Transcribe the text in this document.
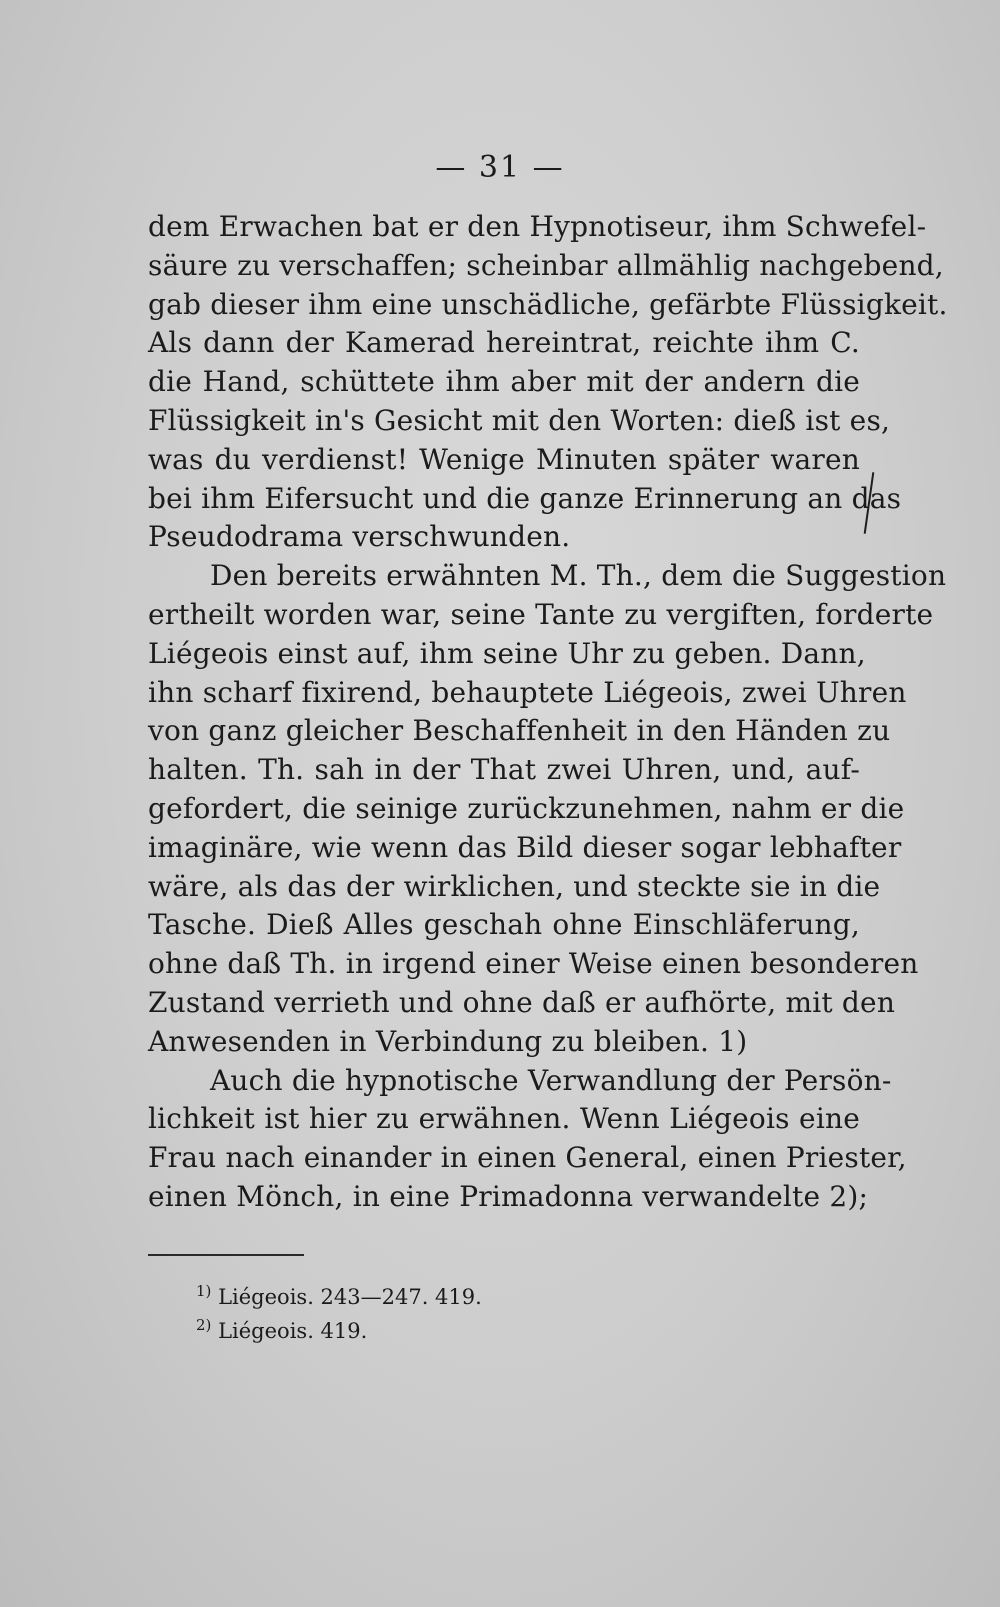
— 31 —
dem Erwachen bat er den Hypnotiseur, ihm Schwefel-
säure zu verschaffen; scheinbar allmählig nachgebend,
gab dieser ihm eine unschädliche, gefärbte Flüssigkeit.
Als dann der Kamerad hereintrat, reichte ihm C.
die Hand, schüttete ihm aber mit der andern die
Flüssigkeit in's Gesicht mit den Worten: dieß ist es,
was du verdienst! Wenige Minuten später waren
bei ihm Eifersucht und die ganze Erinnerung an das
Pseudodrama verschwunden.
Den bereits erwähnten M. Th., dem die Suggestion
ertheilt worden war, seine Tante zu vergiften, forderte
Liégeois einst auf, ihm seine Uhr zu geben. Dann,
ihn scharf fixirend, behauptete Liégeois, zwei Uhren
von ganz gleicher Beschaffenheit in den Händen zu
halten. Th. sah in der That zwei Uhren, und, auf-
gefordert, die seinige zurückzunehmen, nahm er die
imaginäre, wie wenn das Bild dieser sogar lebhafter
wäre, als das der wirklichen, und steckte sie in die
Tasche. Dieß Alles geschah ohne Einschläferung,
ohne daß Th. in irgend einer Weise einen besonderen
Zustand verrieth und ohne daß er aufhörte, mit den
Anwesenden in Verbindung zu bleiben. 1)
Auch die hypnotische Verwandlung der Persön-
lichkeit ist hier zu erwähnen. Wenn Liégeois eine
Frau nach einander in einen General, einen Priester,
einen Mönch, in eine Primadonna verwandelte 2);
$^{1)}$ Liégeois. 243—247. 419.
$^{2)}$ Liégeois. 419.
